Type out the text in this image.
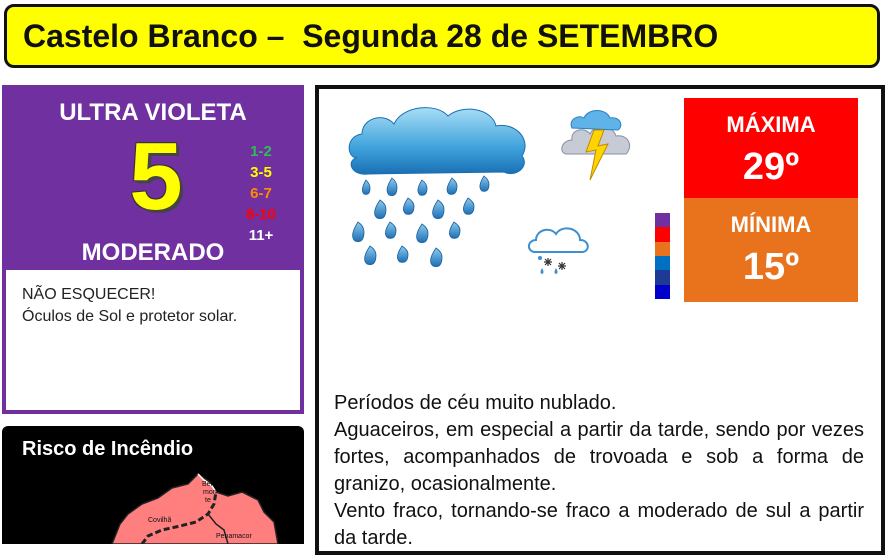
Castelo Branco –  Segunda 28 de SETEMBRO
ULTRA VIOLETA
5	1-2
3-5
6-7
8-10
11+
MODERADO
NÃO ESQUECER!
Óculos de Sol e protetor solar.
Risco de Incêndio
Bel
mon
te
Covilhã
Penamacor
MÁXIMA
29º
MÍNIMA
15º

Períodos de céu muito nublado.

Aguaceiros, em especial a partir da tarde, sendo por vezes fortes, acompanhados de trovoada e sob a forma de granizo, ocasionalmente.

Vento fraco, tornando-se fraco a moderado de sul a partir da tarde.
